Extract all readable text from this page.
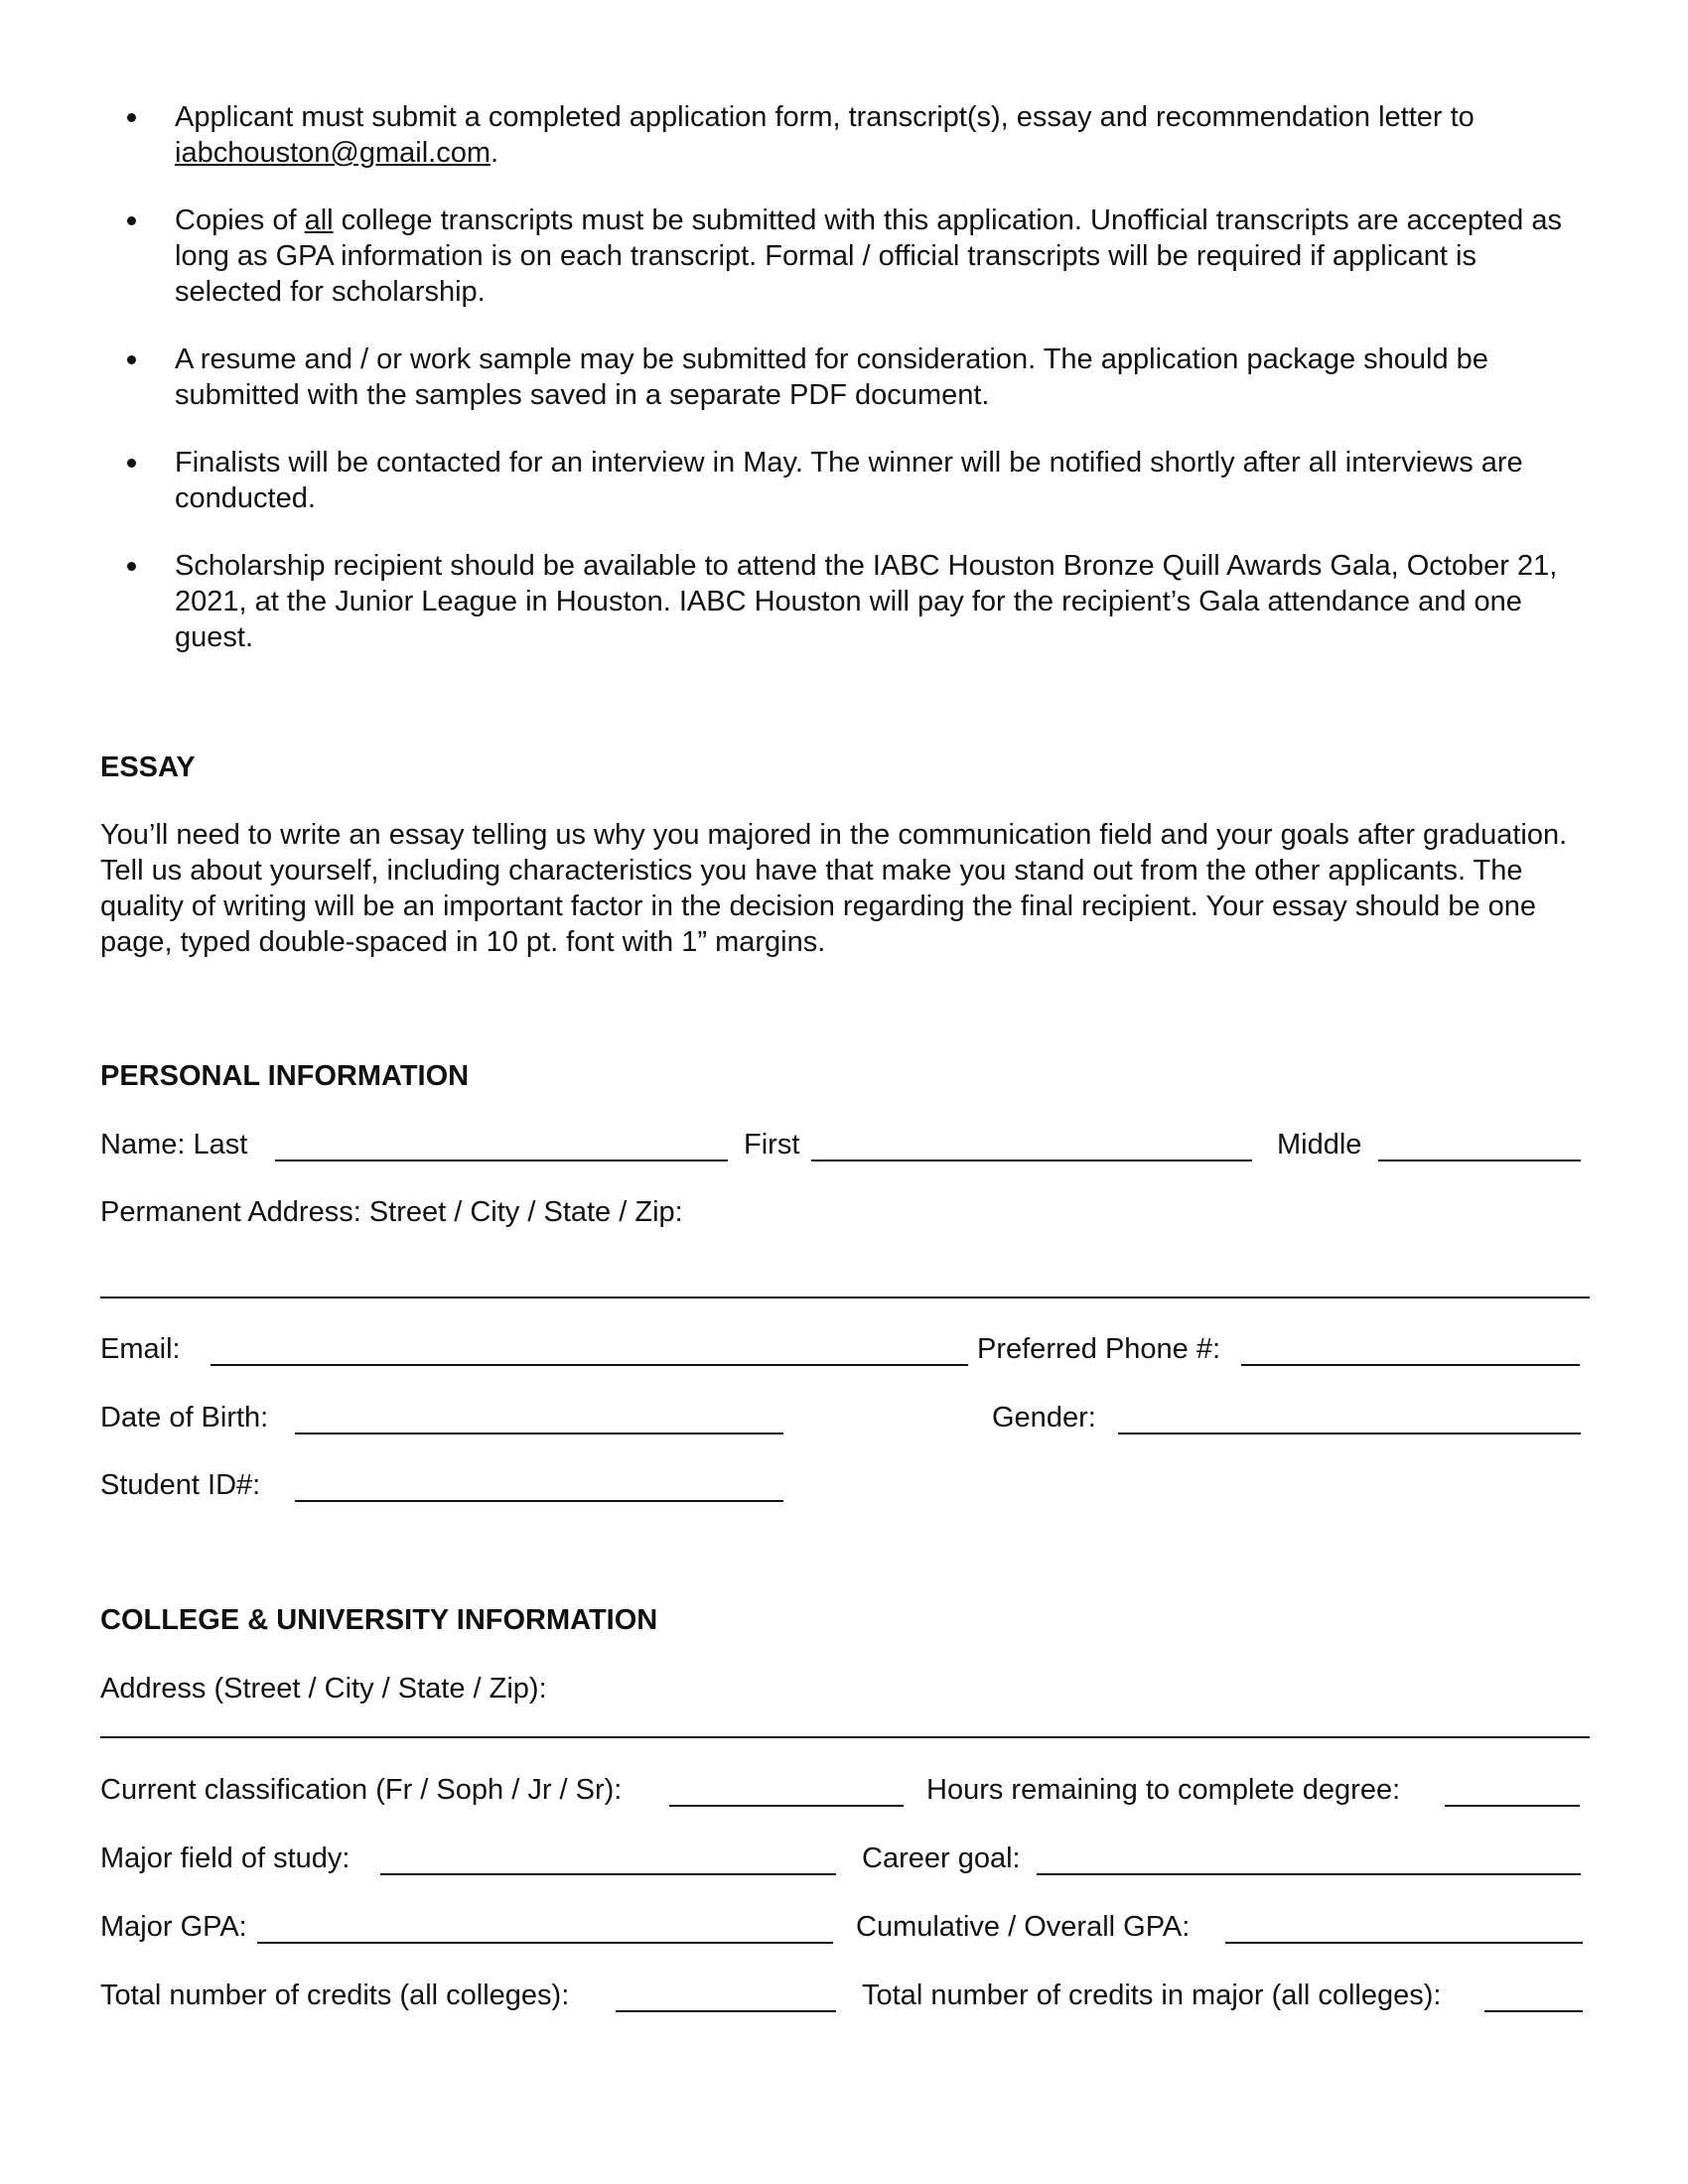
Applicant must submit a completed application form, transcript(s), essay and recommendation letter to iabchouston@gmail.com.
Copies of all college transcripts must be submitted with this application. Unofficial transcripts are accepted as long as GPA information is on each transcript. Formal / official transcripts will be required if applicant is selected for scholarship.
A resume and / or work sample may be submitted for consideration. The application package should be submitted with the samples saved in a separate PDF document.
Finalists will be contacted for an interview in May. The winner will be notified shortly after all interviews are conducted.
Scholarship recipient should be available to attend the IABC Houston Bronze Quill Awards Gala, October 21, 2021, at the Junior League in Houston. IABC Houston will pay for the recipient’s Gala attendance and one guest.
ESSAY
You’ll need to write an essay telling us why you majored in the communication field and your goals after graduation. Tell us about yourself, including characteristics you have that make you stand out from the other applicants. The quality of writing will be an important factor in the decision regarding the final recipient. Your essay should be one page, typed double-spaced in 10 pt. font with 1” margins.
PERSONAL INFORMATION
Name: Last	First	Middle
Permanent Address: Street / City / State / Zip:
Email:	Preferred Phone #:
Date of Birth:	Gender:
Student ID#:
COLLEGE & UNIVERSITY INFORMATION
Address (Street / City / State / Zip):
Current classification (Fr / Soph / Jr / Sr):	Hours remaining to complete degree:
Major field of study:	Career goal:
Major GPA:	Cumulative / Overall GPA:
Total number of credits (all colleges):	Total number of credits in major (all colleges):
